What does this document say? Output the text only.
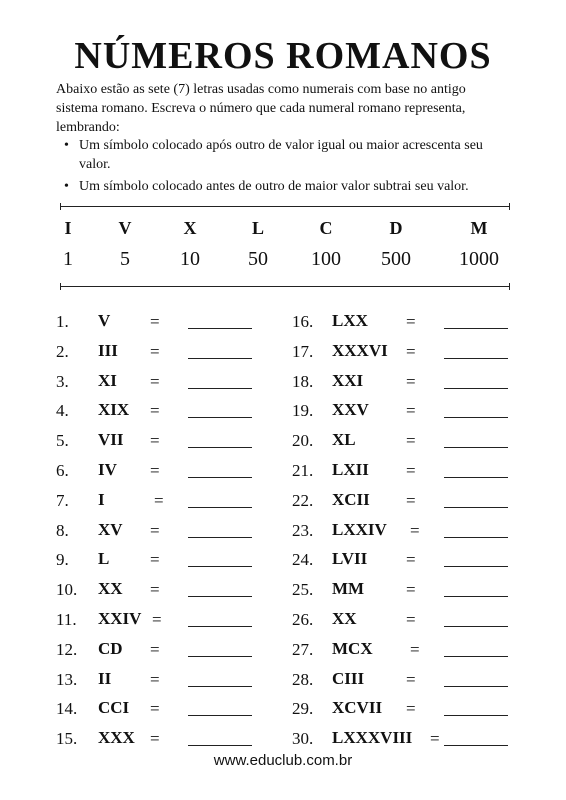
NÚMEROS ROMANOS

Abaixo estão as sete (7) letras usadas como numerais com base no antigo sistema romano. Escreva o número que cada numeral romano representa, lembrando:

• Um símbolo colocado após outro de valor igual ou maior acrescenta seu valor.
• Um símbolo colocado antes de outro de maior valor subtrai seu valor.
I	V	X	L	C	D	M
1 5	10 50 100 500 1000
1. V =
2. III =
3. XI =
4. XIX =
5. VII =
6. IV =
7. I	=
8. XV =
9. L =
10. XX =
11. XXIV =
12. CD =
13. II =
14. CCI =
15. XXX =
16. LXX =
17. XXXVI =
18. XXI	=
19. XXV =
20. XL	=
21. LXII =
22. XCII =
23. LXXIV =
24. LVII =
25. MM =
26. XX	=
27. MCX =
28. CIII =
29. XCVII =
30. LXXXVIII =
www.educlub.com.br
